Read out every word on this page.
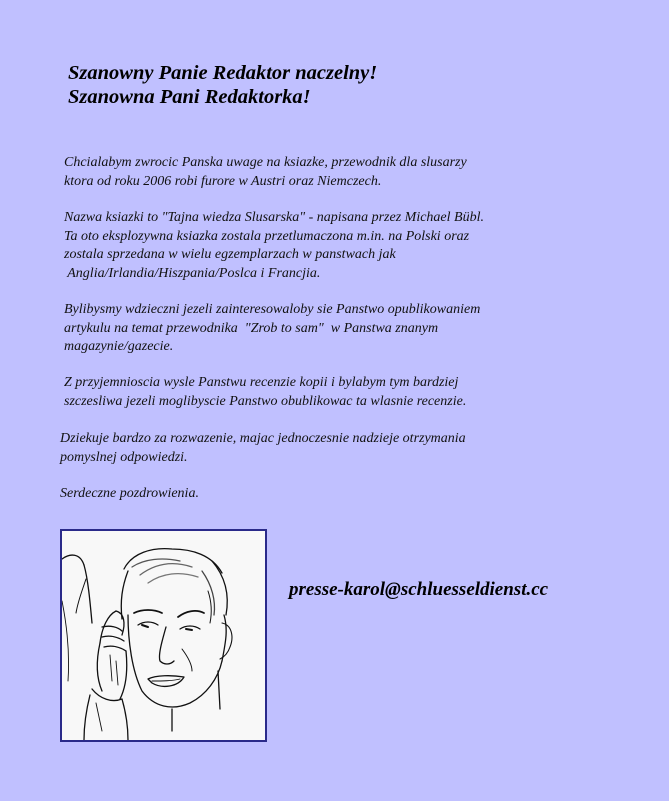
Szanowny Panie Redaktor naczelny!
Szanowna Pani Redaktorka!

Chcialabym zwrocic Panska uwage na ksiazke, przewodnik dla slusarzy
ktora od roku 2006 robi furore w Austri oraz Niemczech.

Nazwa ksiazki to "Tajna wiedza Slusarska" - napisana przez Michael Bübl.
Ta oto eksplozywna ksiazka zostala przetlumaczona m.in. na Polski oraz
zostala sprzedana w wielu egzemplarzach w panstwach jak
Anglia/Irlandia/Hiszpania/Poslca i Francjia.

Bylibysmy wdzieczni jezeli zainteresowaloby sie Panstwo opublikowaniem
artykulu na temat przewodnika  "Zrob to sam"  w Panstwa znanym
magazynie/gazecie.

Z przyjemnioscia wysle Panstwu recenzie kopii i bylabym tym bardziej
szczesliwa jezeli moglibyscie Panstwo obublikowac ta wlasnie recenzie.

Dziekuje bardzo za rozwazenie, majac jednoczesnie nadzieje otrzymania
pomyslnej odpowiedzi.

Serdeczne pozdrowienia.

presse-karol@schluesseldienst.cc
